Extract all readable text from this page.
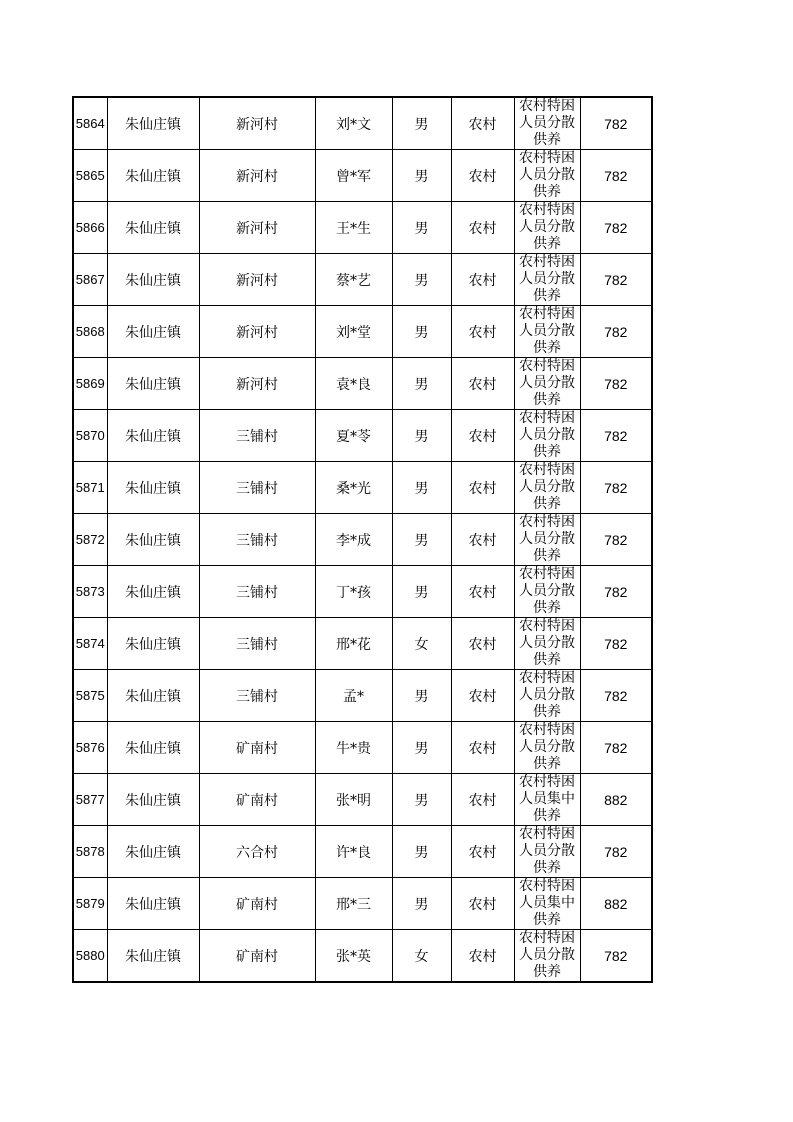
5864	朱仙庄镇	新河村	刘*文	男	农村	农村特困
人员分散
供养	782
5865	朱仙庄镇	新河村	曾*军	男	农村	农村特困
人员分散
供养	782
5866	朱仙庄镇	新河村	王*生	男	农村	农村特困
人员分散
供养	782
5867	朱仙庄镇	新河村	蔡*艺	男	农村	农村特困
人员分散
供养	782
5868	朱仙庄镇	新河村	刘*堂	男	农村	农村特困
人员分散
供养	782
5869	朱仙庄镇	新河村	袁*良	男	农村	农村特困
人员分散
供养	782
5870	朱仙庄镇	三铺村	夏*苓	男	农村	农村特困
人员分散
供养	782
5871	朱仙庄镇	三铺村	桑*光	男	农村	农村特困
人员分散
供养	782
5872	朱仙庄镇	三铺村	李*成	男	农村	农村特困
人员分散
供养	782
5873	朱仙庄镇	三铺村	丁*孩	男	农村	农村特困
人员分散
供养	782
5874	朱仙庄镇	三铺村	邢*花	女	农村	农村特困
人员分散
供养	782
5875	朱仙庄镇	三铺村	孟*	男	农村	农村特困
人员分散
供养	782
5876	朱仙庄镇	矿南村	牛*贵	男	农村	农村特困
人员分散
供养	782
5877	朱仙庄镇	矿南村	张*明	男	农村	农村特困
人员集中
供养	882
5878	朱仙庄镇	六合村	许*良	男	农村	农村特困
人员分散
供养	782
5879	朱仙庄镇	矿南村	邢*三	男	农村	农村特困
人员集中
供养	882
5880	朱仙庄镇	矿南村	张*英	女	农村	农村特困
人员分散
供养	782
